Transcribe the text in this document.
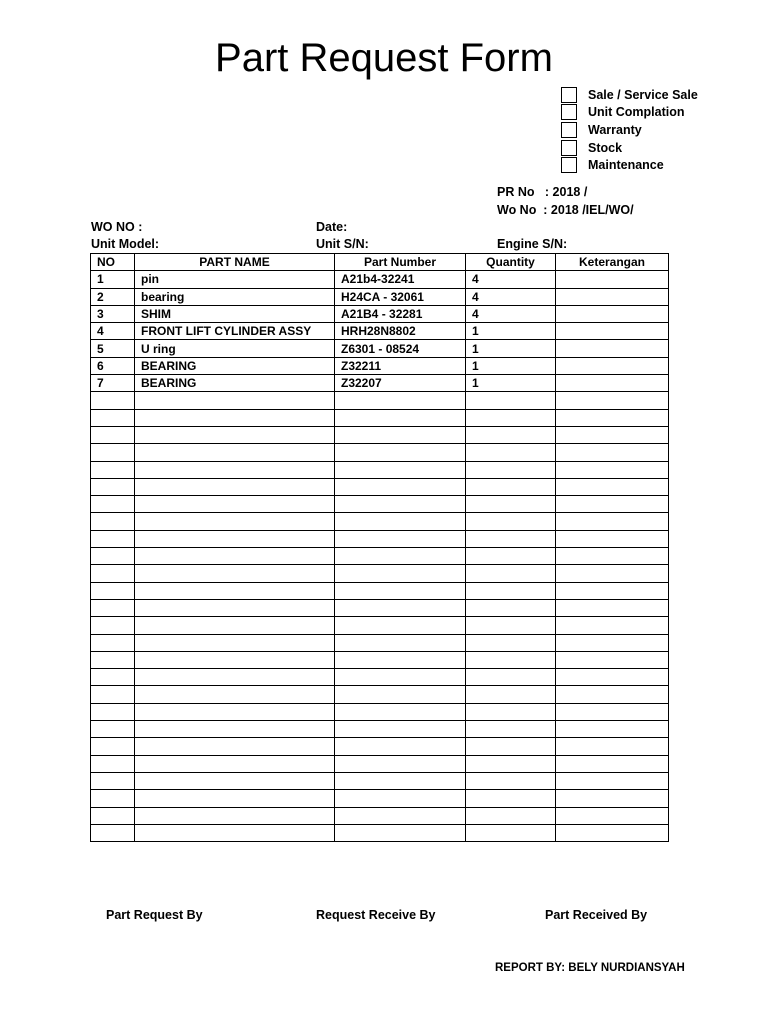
Part Request Form
Sale / Service Sale
Unit Complation
Warranty
Stock
Maintenance
PR No   : 2018 /
Wo No  : 2018 /IEL/WO/
WO NO :	Date:
Unit Model:	Unit S/N:	Engine S/N:
NO	PART NAME	Part Number	Quantity	Keterangan
1	pin	A21b4-32241	4	
2	bearing	H24CA - 32061	4	
3	SHIM	A21B4 - 32281	4	
4	FRONT LIFT CYLINDER ASSY	HRH28N8802	1	
5	U ring	Z6301 - 08524	1	
6	BEARING	Z32211	1	
7	BEARING	Z32207	1	

Part Request By	Request Receive By	Part Received By
REPORT BY: BELY NURDIANSYAH
